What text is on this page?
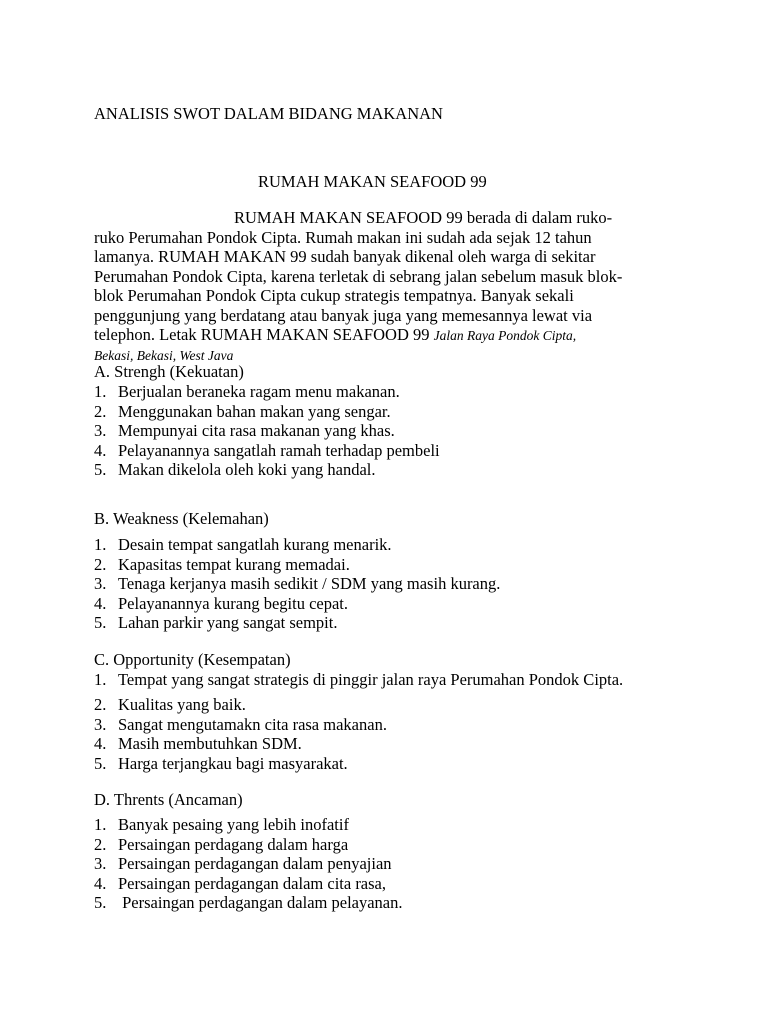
ANALISIS SWOT DALAM BIDANG MAKANAN
RUMAH MAKAN SEAFOOD 99
RUMAH MAKAN SEAFOOD 99 berada di dalam ruko-
ruko Perumahan Pondok Cipta. Rumah makan ini sudah ada sejak 12 tahun
lamanya. RUMAH MAKAN 99 sudah banyak dikenal oleh warga di sekitar
Perumahan Pondok Cipta, karena terletak di sebrang jalan sebelum masuk blok-
blok Perumahan Pondok Cipta cukup strategis tempatnya. Banyak sekali
penggunjung yang berdatang atau banyak juga yang memesannya lewat via
telephon. Letak RUMAH MAKAN SEAFOOD 99 Jalan Raya Pondok Cipta,
Bekasi, Bekasi, West Java
A. Strengh (Kekuatan)
1. Berjualan beraneka ragam menu makanan.
2. Menggunakan bahan makan yang sengar.
3. Mempunyai cita rasa makanan yang khas.
4. Pelayanannya sangatlah ramah terhadap pembeli
5. Makan dikelola oleh koki yang handal.
B. Weakness (Kelemahan)
1. Desain tempat sangatlah kurang menarik.
2. Kapasitas tempat kurang memadai.
3. Tenaga kerjanya masih sedikit / SDM yang masih kurang.
4. Pelayanannya kurang begitu cepat.
5. Lahan parkir yang sangat sempit.
C. Opportunity (Kesempatan)
1. Tempat yang sangat strategis di pinggir jalan raya Perumahan Pondok Cipta.
2. Kualitas yang baik.
3. Sangat mengutamakn cita rasa makanan.
4. Masih membutuhkan SDM.
5. Harga terjangkau bagi masyarakat.
D. Thrents (Ancaman)
1. Banyak pesaing yang lebih inofatif
2. Persaingan perdagang dalam harga
3. Persaingan perdagangan dalam penyajian
4. Persaingan perdagangan dalam cita rasa,
5. Persaingan perdagangan dalam pelayanan.
